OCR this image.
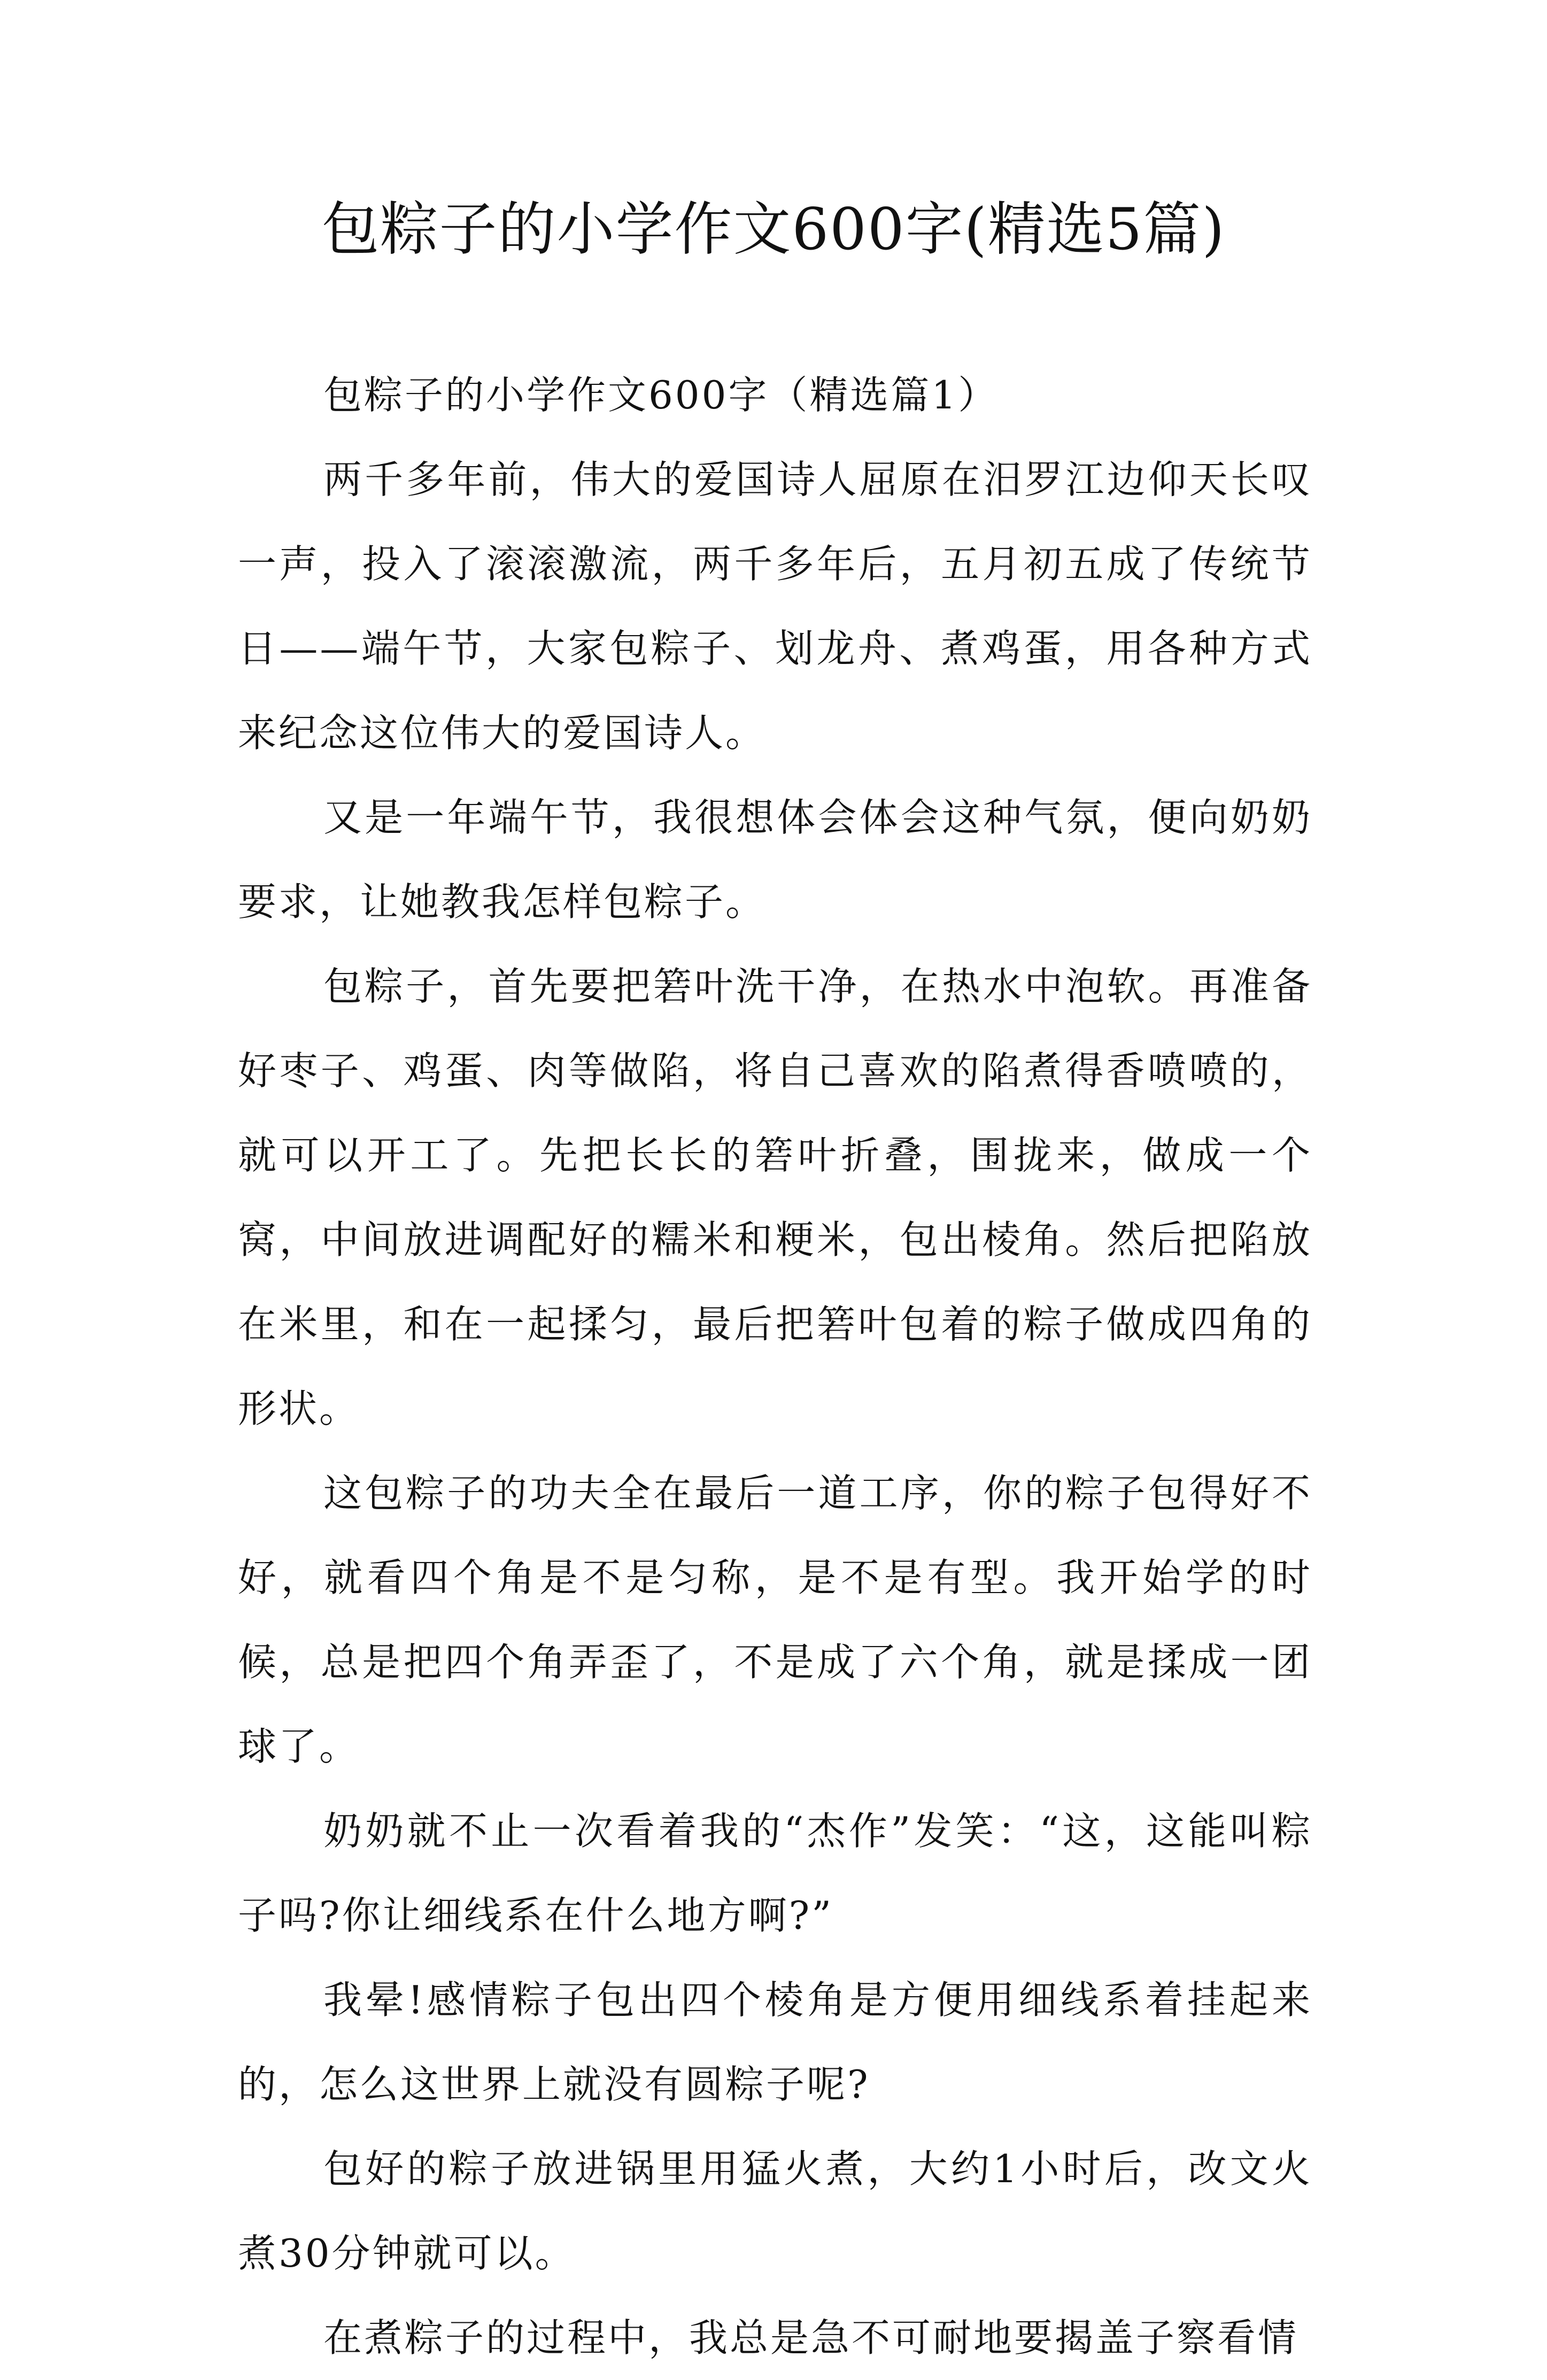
包粽子的小学作文600字(精选5篇)

包粽子的小学作文600字（精选篇1）

两千多年前，伟大的爱国诗人屈原在汨罗江边仰天长叹一声，投入了滚滚激流，两千多年后，五月初五成了传统节日——端午节，大家包粽子、划龙舟、煮鸡蛋，用各种方式来纪念这位伟大的爱国诗人。

又是一年端午节，我很想体会体会这种气氛，便向奶奶要求，让她教我怎样包粽子。

包粽子，首先要把箬叶洗干净，在热水中泡软。再准备好枣子、鸡蛋、肉等做陷，将自己喜欢的陷煮得香喷喷的，就可以开工了。先把长长的箬叶折叠，围拢来，做成一个窝，中间放进调配好的糯米和粳米，包出棱角。然后把陷放在米里，和在一起揉匀，最后把箬叶包着的粽子做成四角的形状。

这包粽子的功夫全在最后一道工序，你的粽子包得好不好，就看四个角是不是匀称，是不是有型。我开始学的时候，总是把四个角弄歪了，不是成了六个角，就是揉成一团球了。

奶奶就不止一次看着我的“杰作”发笑：“这，这能叫粽子吗?你让细线系在什么地方啊?”

我晕!感情粽子包出四个棱角是方便用细线系着挂起来的，怎么这世界上就没有圆粽子呢?

包好的粽子放进锅里用猛火煮，大约1小时后，改文火煮30分钟就可以。

在煮粽子的过程中，我总是急不可耐地要揭盖子察看情
